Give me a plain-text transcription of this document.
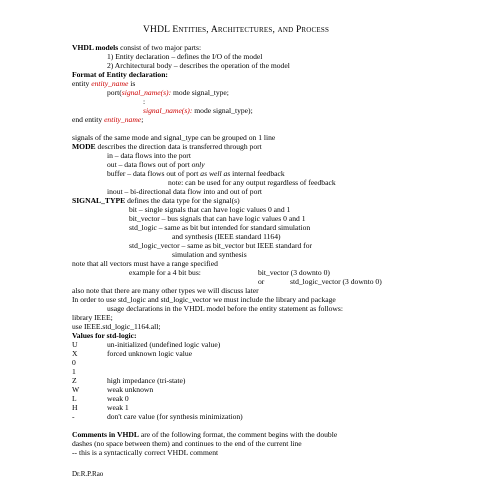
VHDL Entities, Architectures, and Process
VHDL models consist of two major parts:
1) Entity declaration – defines the I/O of the model
2) Architectural body – describes the operation of the model
Format of Entity declaration:
entity entity_name is
port(signal_name(s): mode signal_type;
:
signal_name(s): mode signal_type);
end entity entity_name;
signals of the same mode and signal_type can be grouped on 1 line
MODE describes the direction data is transferred through port
in – data flows into the port
out – data flows out of port only
buffer – data flows out of port as well as internal feedback
note: can be used for any output regardless of feedback
inout – bi-directional data flow into and out of port
SIGNAL_TYPE defines the data type for the signal(s)
bit – single signals that can have logic values 0 and 1
bit_vector – bus signals that can have logic values 0 and 1
std_logic – same as bit but intended for standard simulation
and synthesis (IEEE standard 1164)
std_logic_vector – same as bit_vector but IEEE standard for
simulation and synthesis
note that all vectors must have a range specified
example for a 4 bit bus:	bit_vector (3 downto 0)
or	std_logic_vector (3 downto 0)
also note that there are many other types we will discuss later
In order to use std_logic and std_logic_vector we must include the library and package
usage declarations in the VHDL model before the entity statement as follows:
library IEEE;
use IEEE.std_logic_1164.all;
Values for std-logic:
U	un-initialized (undefined logic value)
X	forced unknown logic value
0
1
Z	high impedance (tri-state)
W	weak unknown
L	weak 0
H	weak 1
-	don't care value (for synthesis minimization)
Comments in VHDL are of the following format, the comment begins with the double
dashes (no space between them) and continues to the end of the current line
-- this is a syntactically correct VHDL comment
Dr.R.P.Rao
